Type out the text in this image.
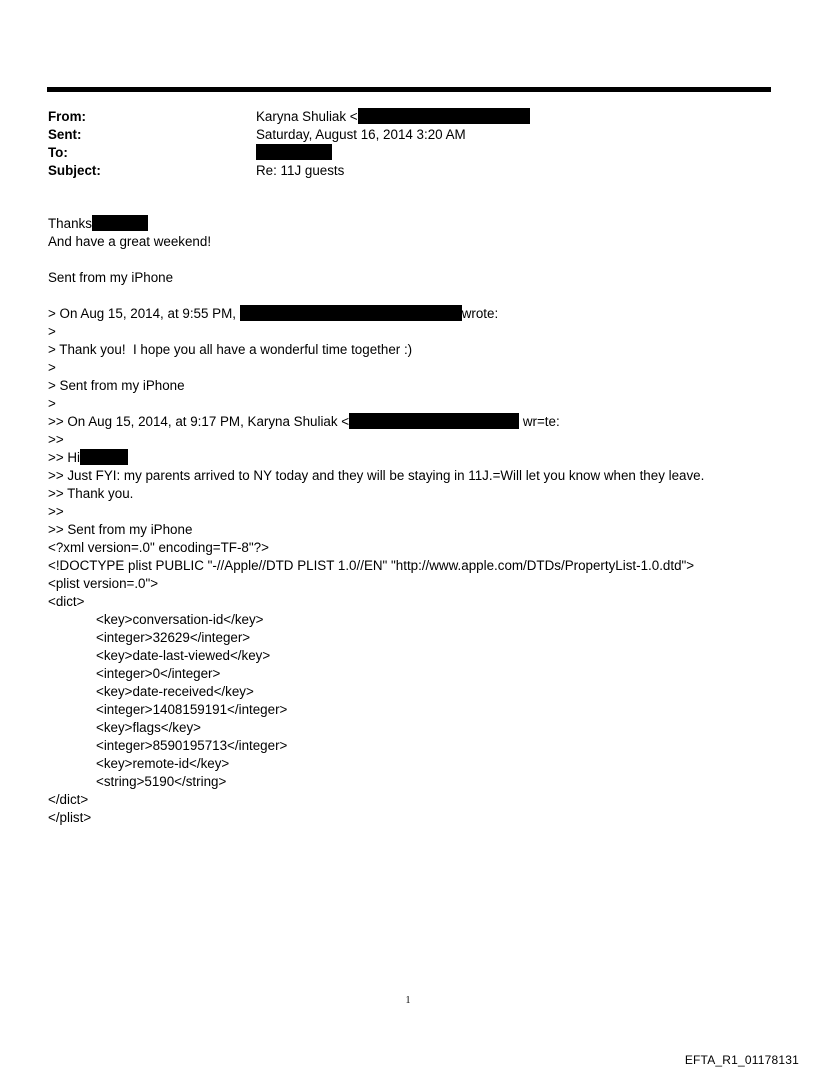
From:	Karyna Shuliak <
Sent:	Saturday, August 16, 2014 3:20 AM
To:
Subject:	Re: 11J guests
Thanks
And have a great weekend!
Sent from my iPhone
> On Aug 15, 2014, at 9:55 PM,	wrote:
>
> Thank you!  I hope you all have a wonderful time together :)
>
> Sent from my iPhone
>
>> On Aug 15, 2014, at 9:17 PM, Karyna Shuliak <	wr=te:
>>
>> Hi
>> Just FYI: my parents arrived to NY today and they will be staying in 11J.=Will let you know when they leave.
>> Thank you.
>>
>> Sent from my iPhone
<?xml version=.0" encoding=TF-8"?>
<!DOCTYPE plist PUBLIC "-//Apple//DTD PLIST 1.0//EN" "http://www.apple.com/DTDs/PropertyList-1.0.dtd">
<plist version=.0">
<dict>
<key>conversation-id</key>
<integer>32629</integer>
<key>date-last-viewed</key>
<integer>0</integer>
<key>date-received</key>
<integer>1408159191</integer>
<key>flags</key>
<integer>8590195713</integer>
<key>remote-id</key>
<string>5190</string>
</dict>
</plist>
1
EFTA_R1_01178131
